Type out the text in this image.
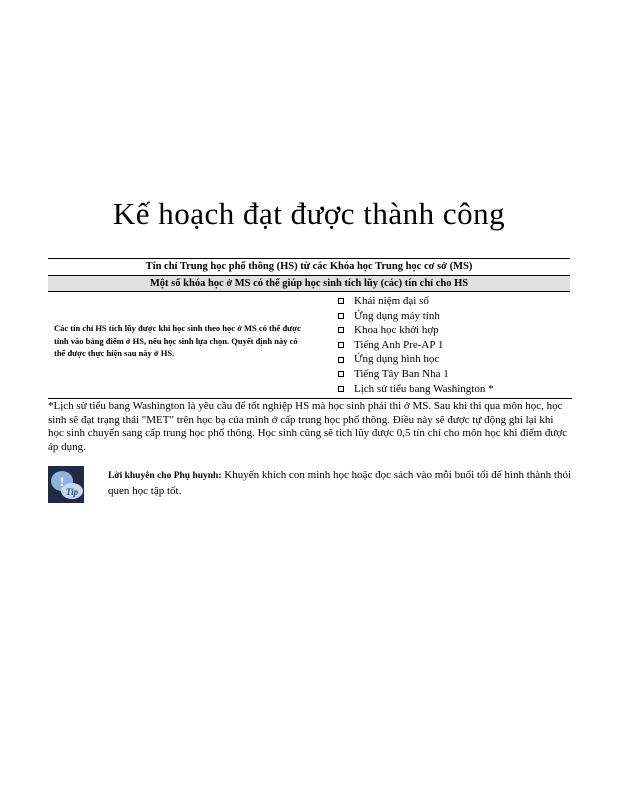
Kế hoạch đạt được thành công
Tín chỉ Trung học phổ thông (HS) từ các Khóa học Trung học cơ sở (MS)
Một số khóa học ở MS có thể giúp học sinh tích lũy (các) tín chỉ cho HS
Các tín chỉ HS tích lũy được khi học sinh theo học ở MS có thể được tính vào bảng điểm ở HS, nếu học sinh lựa chọn. Quyết định này có thể được thực hiện sau này ở HS.
Khái niệm đại số
Ứng dụng máy tính
Khoa học khởi hợp
Tiếng Anh Pre-AP 1
Ứng dụng hình học
Tiếng Tây Ban Nha 1
Lịch sử tiểu bang Washington *
*Lịch sử tiểu bang Washington là yêu cầu để tốt nghiệp HS mà học sinh phải thi ở MS. Sau khi thi qua môn học, học sinh sẽ đạt trạng thái "MET" trên học bạ của mình ở cấp trung học phổ thông. Điều này sẽ được tự động ghi lại khi học sinh chuyển sang cấp trung học phổ thông. Học sinh cũng sẽ tích lũy được 0,5 tín chỉ cho môn học khi điểm được áp dụng.
!
Tip
Lời khuyên cho Phụ huynh: Khuyến khích con mình học hoặc đọc sách vào mỗi buổi tối để hình thành thói quen học tập tốt.
